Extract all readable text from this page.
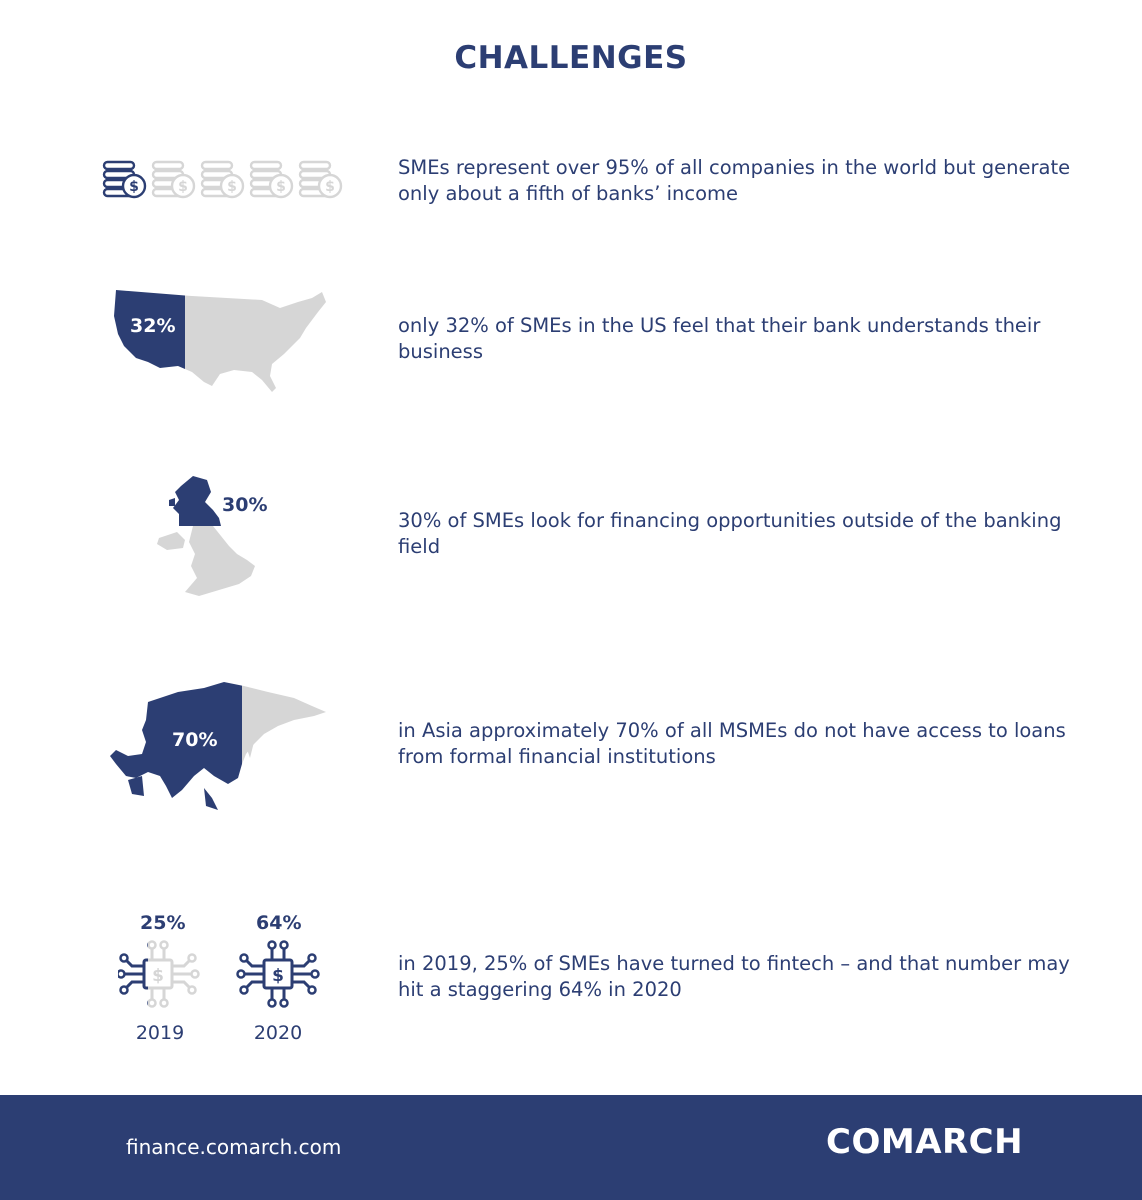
CHALLENGES
SMEs represent over 95% of all companies in the world but generate only about a fifth of banks’ income
32%	only 32% of SMEs in the US feel that their bank understands their business
30%
30% of SMEs look for financing opportunities outside of the banking field
70%	in Asia approximately 70% of all MSMEs do not have access to loans from formal financial institutions
25%	64%
2019	2020
in 2019, 25% of SMEs have turned to fintech – and that number may hit a staggering 64% in 2020
finance.comarch.com	COMARCH
